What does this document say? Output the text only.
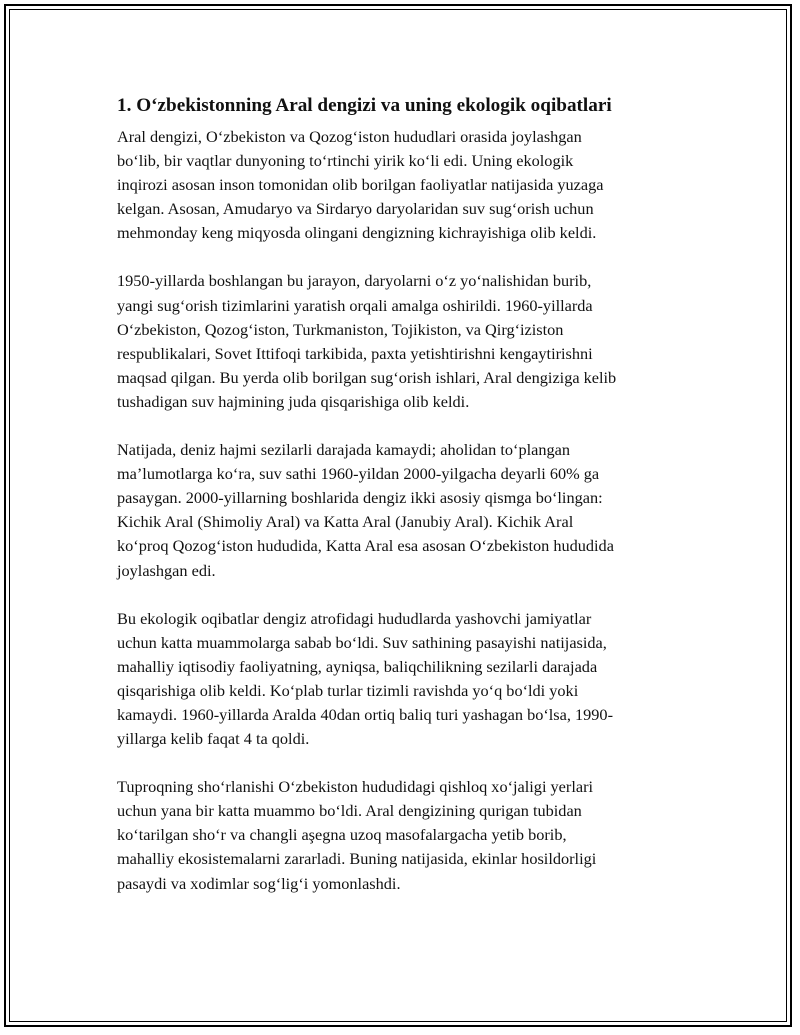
1. O‘zbekistonning Aral dengizi va uning ekologik oqibatlari

Aral dengizi, O‘zbekiston va Qozog‘iston hududlari orasida joylashgan
bo‘lib, bir vaqtlar dunyoning to‘rtinchi yirik ko‘li edi. Uning ekologik
inqirozi asosan inson tomonidan olib borilgan faoliyatlar natijasida yuzaga
kelgan. Asosan, Amudaryo va Sirdaryo daryolaridan suv sug‘orish uchun
mehmonday keng miqyosda olingani dengizning kichrayishiga olib keldi.

1950-yillarda boshlangan bu jarayon, daryolarni o‘z yo‘nalishidan burib,
yangi sug‘orish tizimlarini yaratish orqali amalga oshirildi. 1960-yillarda
O‘zbekiston, Qozog‘iston, Turkmaniston, Tojikiston, va Qirg‘iziston
respublikalari, Sovet Ittifoqi tarkibida, paxta yetishtirishni kengaytirishni
maqsad qilgan. Bu yerda olib borilgan sug‘orish ishlari, Aral dengiziga kelib
tushadigan suv hajmining juda qisqarishiga olib keldi.

Natijada, deniz hajmi sezilarli darajada kamaydi; aholidan to‘plangan
ma’lumotlarga ko‘ra, suv sathi 1960-yildan 2000-yilgacha deyarli 60% ga
pasaygan. 2000-yillarning boshlarida dengiz ikki asosiy qismga bo‘lingan:
Kichik Aral (Shimoliy Aral) va Katta Aral (Janubiy Aral). Kichik Aral
ko‘proq Qozog‘iston hududida, Katta Aral esa asosan O‘zbekiston hududida
joylashgan edi.

Bu ekologik oqibatlar dengiz atrofidagi hududlarda yashovchi jamiyatlar
uchun katta muammolarga sabab bo‘ldi. Suv sathining pasayishi natijasida,
mahalliy iqtisodiy faoliyatning, ayniqsa, baliqchilikning sezilarli darajada
qisqarishiga olib keldi. Ko‘plab turlar tizimli ravishda yo‘q bo‘ldi yoki
kamaydi. 1960-yillarda Aralda 40dan ortiq baliq turi yashagan bo‘lsa, 1990-
yillarga kelib faqat 4 ta qoldi.

Tuproqning sho‘rlanishi O‘zbekiston hududidagi qishloq xo‘jaligi yerlari
uchun yana bir katta muammo bo‘ldi. Aral dengizining qurigan tubidan
ko‘tarilgan sho‘r va changli aşegna uzoq masofalargacha yetib borib,
mahalliy ekosistemalarni zararladi. Buning natijasida, ekinlar hosildorligi
pasaydi va xodimlar sog‘lig‘i yomonlashdi.
